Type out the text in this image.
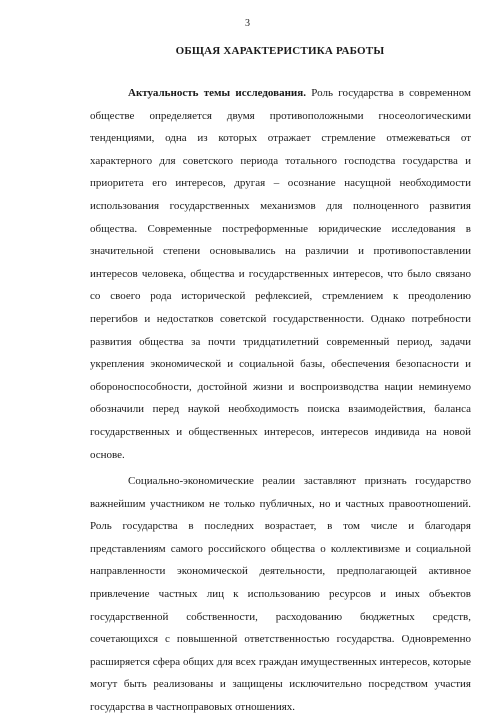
3
ОБЩАЯ ХАРАКТЕРИСТИКА РАБОТЫ

Актуальность темы исследования. Роль государства в современном обществе определяется двумя противоположными гносеологическими тенденциями, одна из которых отражает стремление отмежеваться от характерного для советского периода тотального господства государства и приоритета его интересов, другая – осознание насущной необходимости использования государственных механизмов для полноценного развития общества. Современные постреформенные юридические исследования в значительной степени основывались на различии и противопоставлении интересов человека, общества и государственных интересов, что было связано со своего рода исторической рефлексией, стремлением к преодолению перегибов и недостатков советской государственности. Однако потребности развития общества за почти тридцатилетний современный период, задачи укрепления экономической и социальной базы, обеспечения безопасности и обороноспособности, достойной жизни и воспроизводства нации неминуемо обозначили перед наукой необходимость поиска взаимодействия, баланса государственных и общественных интересов, интересов индивида на новой основе.

Социально-экономические реалии заставляют признать государство важнейшим участником не только публичных, но и частных правоотношений. Роль государства в последних возрастает, в том числе и благодаря представлениям самого российского общества о коллективизме и социальной направленности экономической деятельности, предполагающей активное привлечение частных лиц к использованию ресурсов и иных объектов государственной собственности, расходованию бюджетных средств, сочетающихся с повышенной ответственностью государства. Одновременно расширяется сфера общих для всех граждан имущественных интересов, которые могут быть реализованы и защищены исключительно посредством участия государства в частноправовых отношениях.
